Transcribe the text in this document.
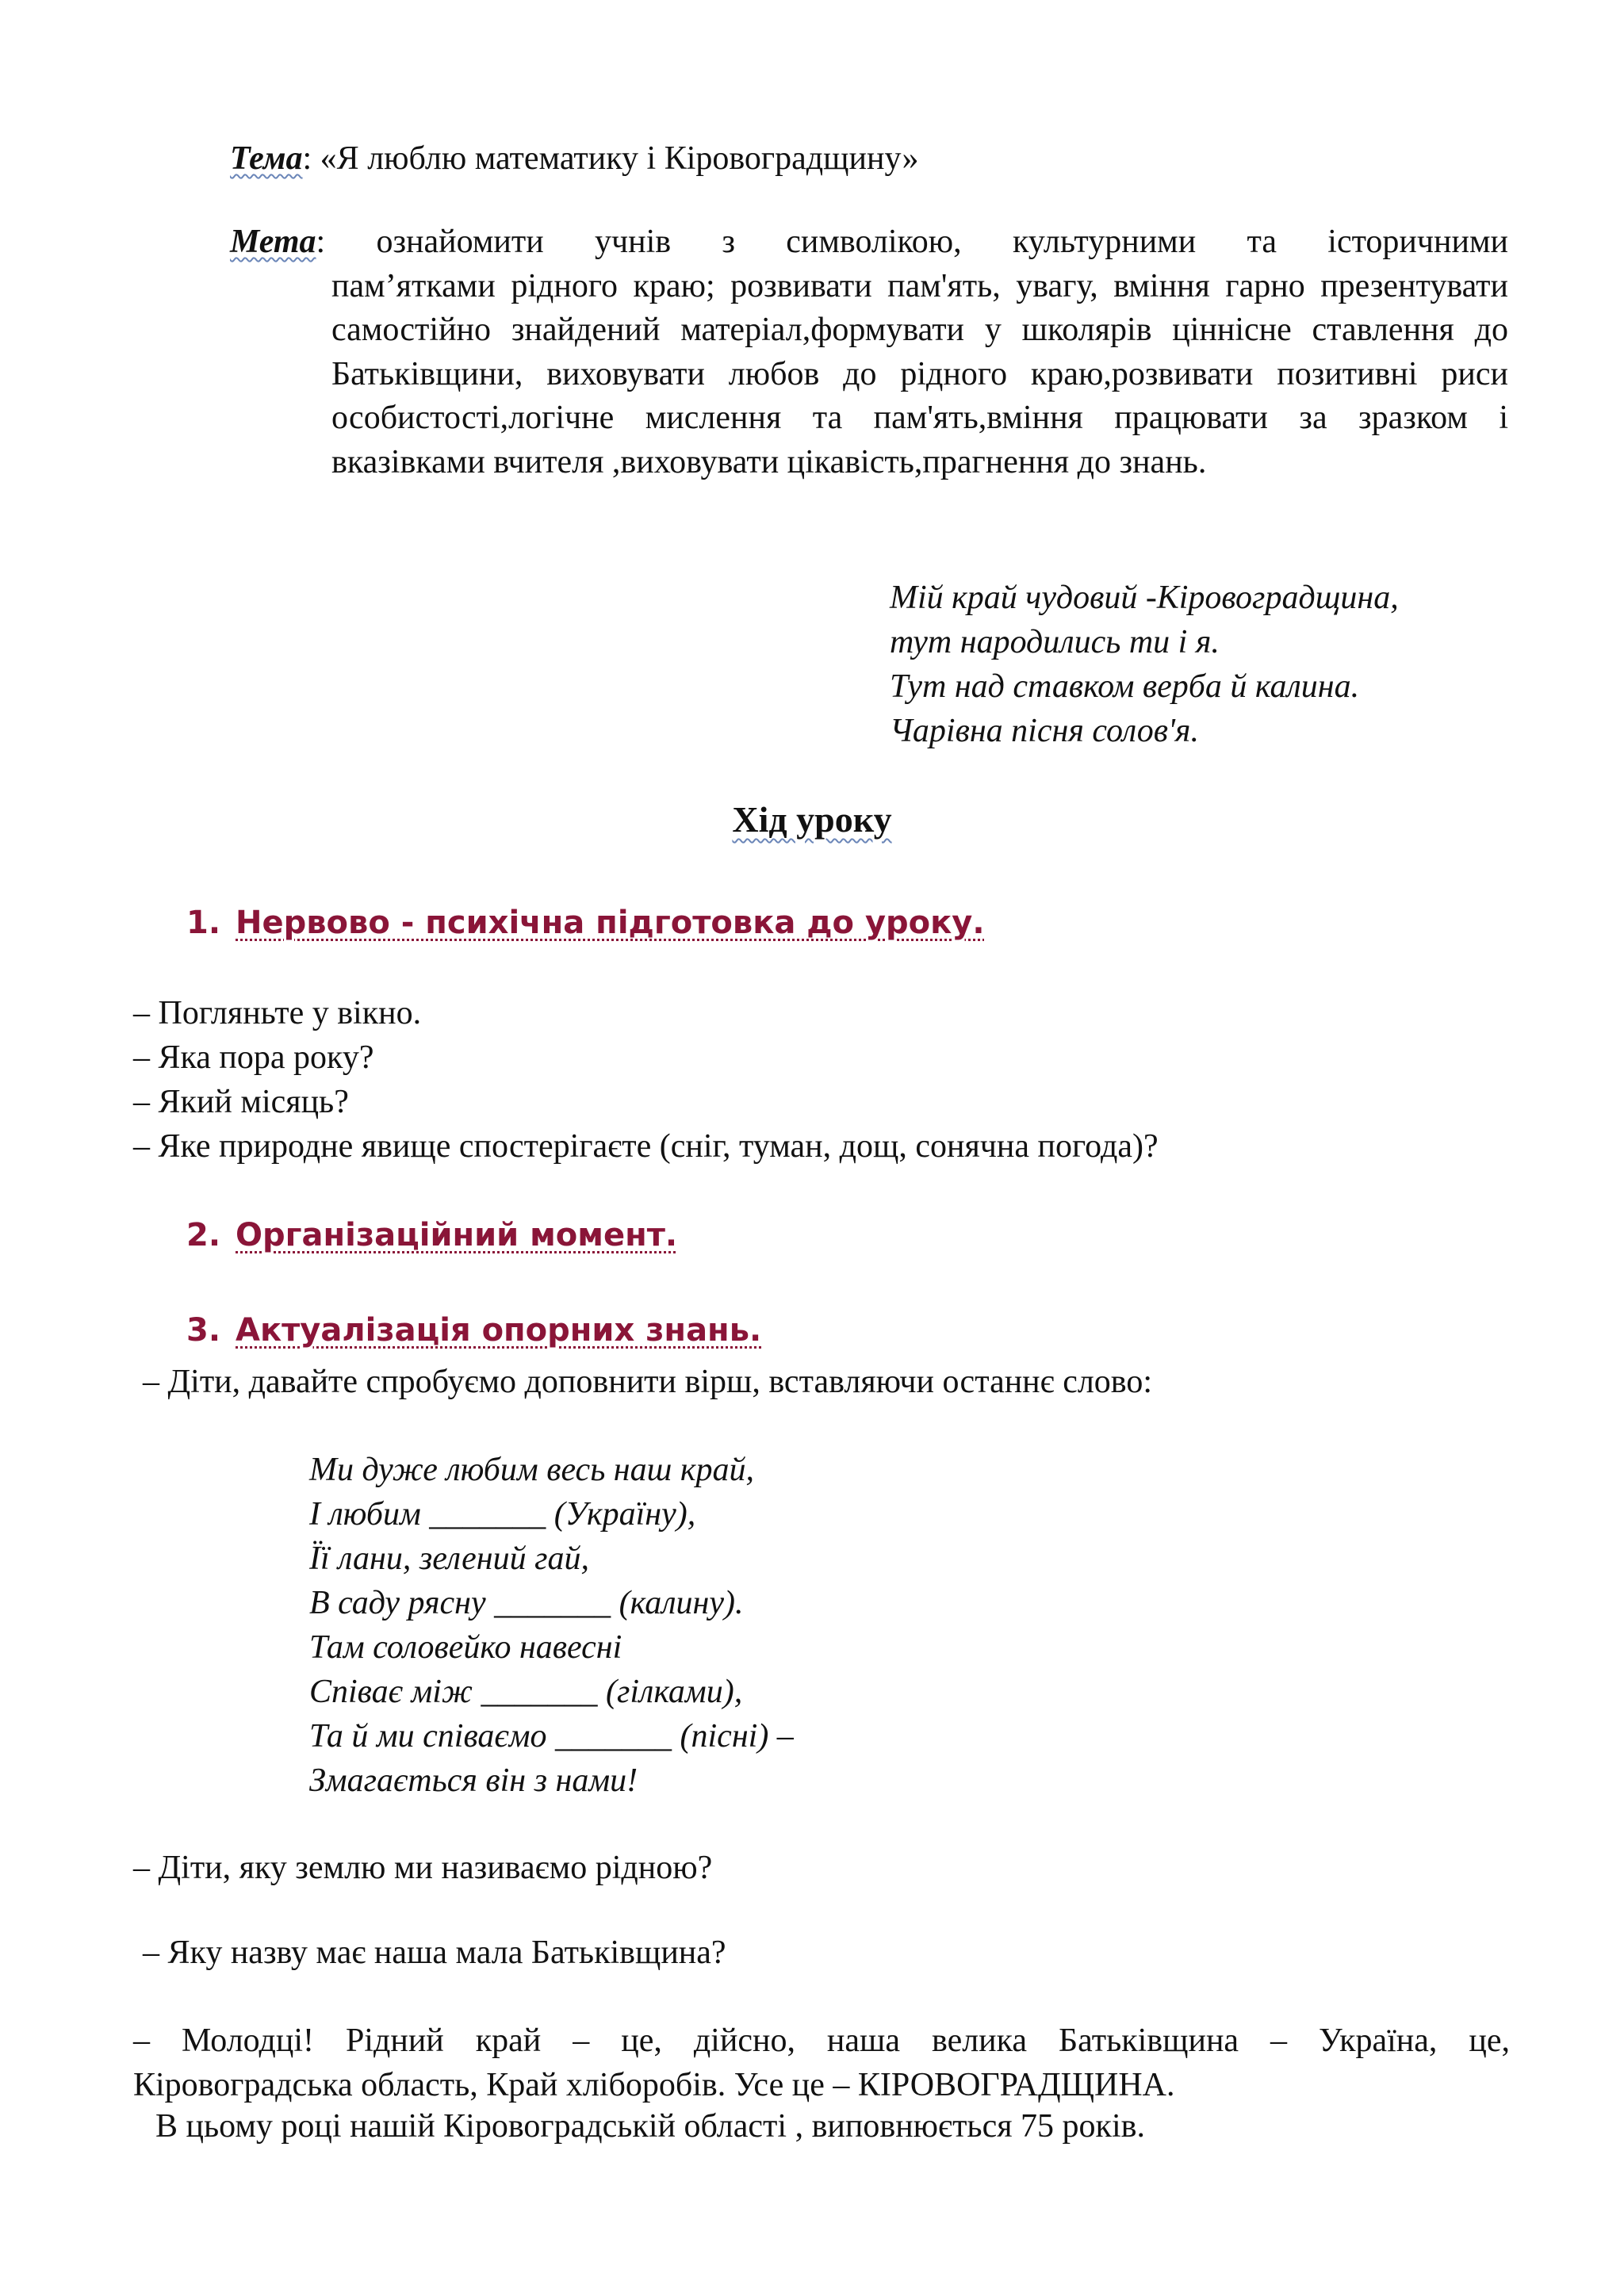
Тема: «Я люблю математику і Кіровоградщину»
Мета: ознайомити учнів з символікою, культурними та історичними
пам’ятками рідного краю; розвивати пам'ять, увагу, вміння гарно презентувати самостійно знайдений матеріал,формувати у школярів ціннісне ставлення до Батьківщини, виховувати любов до рідного краю,розвивати позитивні риси особистості,логічне мислення та пам'ять,вміння працювати за зразком і вказівками вчителя ,виховувати цікавість,прагнення до знань.
Мій край чудовий -Кіровоградщина,
тут народились ти і я.
Тут над ставком верба й калина.
Чарівна пісня солов'я.
Хід уроку
1. Нервово - психічна підготовка до уроку.
– Погляньте у вікно.
– Яка пора року?
– Який місяць?
– Яке природне явище спостерігаєте (сніг, туман, дощ, сонячна погода)?
2. Організаційний момент.
3. Актуалізація опорних знань.
– Діти, давайте спробуємо доповнити вірш, вставляючи останнє слово:
Ми дуже любим весь наш край,
І любим _______ (Україну),
Її лани, зелений гай,
В саду рясну _______ (калину).
Там соловейко навесні
Співає між _______ (гілками),
Та й ми співаємо _______ (пісні) –
Змагається він з нами!
– Діти, яку землю ми називаємо рідною?
– Яку назву має наша мала Батьківщина?
– Молодці! Рідний край – це, дійсно, наша велика Батьківщина – Україна, це,
Кіровоградська область, Край хліборобів. Усе це – КІРОВОГРАДЩИНА.
В цьому році нашій Кіровоградській області , виповнюється 75 років.
